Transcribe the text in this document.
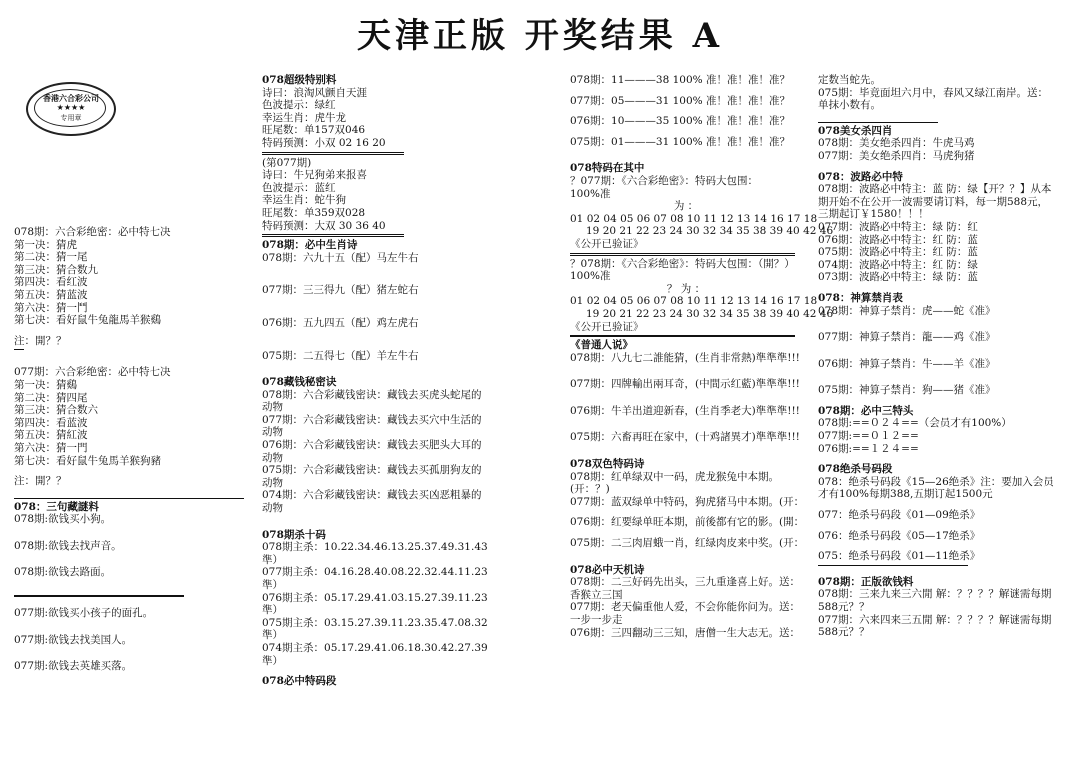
天津正版 开奖结果 A
香港六合彩公司
★★★★
专用章
078期：六合彩绝密：必中特七决
第一决：猜虎
第二决：猜一尾
第三决：猜合数九
第四决：看红波
第五决：猜蓝波
第六决：猜一鬥
第七决：看好鼠牛兔龍馬羊猴鷄
注：開？？
077期：六合彩绝密：必中特七决
第一决：猜鷄
第二决：猜四尾
第三决：猜合数六
第四决：看蓝波
第五决：猜紅波
第六决：猜一門
第七决：看好鼠牛兔馬羊猴狗豬
注：開？？
078：三句藏謎料
078期:欲钱买小狗。
078期:欲钱去找声音。
078期:欲钱去路面。
077期:欲钱买小孩子的面孔。
077期:欲钱去找美国人。
077期:欲钱去英雄买落。
078超级特别料
诗曰：浪淘风颤自天涯
色波提示：绿红
幸运生肖：虎牛龙
旺尾数：单157双046
特码预测：小双 02 16 20
(第077期)
诗曰：牛兄狗弟来报喜
色波提示：蓝红
幸运生肖：蛇牛狗
旺尾数：单359双028
特码预测：大双 30 36 40
078期：必中生肖诗
078期：六九十五（配）马左牛右
077期：三三得九（配）猪左蛇右
076期：五九四五（配）鸡左虎右
075期：二五得七（配）羊左牛右
078藏钱秘密诀
078期：六合彩藏钱密诀：藏钱去买虎头蛇尾的动物
077期：六合彩藏钱密诀：藏钱去买穴中生活的动物
076期：六合彩藏钱密诀：藏钱去买肥头大耳的动物
075期：六合彩藏钱密诀：藏钱去买孤朋狗友的动物
074期：六合彩藏钱密诀：藏钱去买凶恶粗暴的动物
078期杀十码
078期主杀：10.22.34.46.13.25.37.49.31.43
準）
077期主杀：04.16.28.40.08.22.32.44.11.23
準）
076期主杀：05.17.29.41.03.15.27.39.11.23
準）
075期主杀：03.15.27.39.11.23.35.47.08.32
準）
074期主杀：05.17.29.41.06.18.30.42.27.39
準）
078必中特码段
078期：11———38 100% 准！准！准！准？
077期：05———31 100% 准！准！准！准？
076期：10———35 100% 准！准！准！准？
075期：01———31 100% 准！准！准！准？
078特码在其中
？077期：《六合彩绝密》：特码大包围：
100%准
为 ：
01 02 04 05 06 07 08 10 11 12 13 14 16 17 18
19 20 21 22 23 24 30 32 34 35 38 39 40 42 46
《公开已验证》
？078期：《六合彩绝密》：特码大包围：（開？）
100%准
？ 为 ：
01 02 04 05 06 07 08 10 11 12 13 14 16 17 18
19 20 21 22 23 24 30 32 34 35 38 39 40 42 46
《公开已验证》
《普通人说》
078期：八九七二誰能猜，(生肖非常熱)準準準!!!
077期：四牌輸出兩耳奇，(中間示红藍)準準準!!!
076期：牛羊出道迎新春，(生肖季老大)準準準!!!
075期：六畜再旺在家中，(十鸡諸異才)準準準!!!
078双色特码诗
078期：红单绿双中一码，虎龙猴兔中本期。(开：？)
077期：蓝双绿单中特码，狗虎猪马中本期。(开：
076期：红要绿单旺本期，前後都有它的影。(開：
075期：二三肉眉蛾一肖，红绿肉皮来中奖。(开：
078必中天机诗
078期：二三好码先出头，三九重逢喜上好。送：香猴立三国
077期：老天偏重他人爱，不会你能你问为。送：一步一步走
076期：三四翻动三三知，唐僧一生大志无。送：
定数当蛇先。
075期：毕竟面坦六月中，春风又绿江南岸。送：单抹小数有。
078美女杀四肖
078期：美女绝杀四肖：牛虎马鸡
077期：美女绝杀四肖：马虎狗猪
078：波路必中特
078期：波路必中特主：蓝 防：绿【开？？】从本期开始不在公开一波需要请订料，每一期588元，三期起订￥1580！！！
077期：波路必中特主：绿 防：红
076期：波路必中特主：红 防：蓝
075期：波路必中特主：红 防：蓝
074期：波路必中特主：红 防：绿
073期：波路必中特主：绿 防：蓝
078：神算禁肖表
078期：神算子禁肖：虎——蛇《准》
077期：神算子禁肖：龍——鸡《准》
076期：神算子禁肖：牛——羊《准》
075期：神算子禁肖：狗——猪《准》
078期：必中三特头
078期:==０２４==（会员才有100%）
077期:==０１２==
076期:==１２４==
078绝杀号码段
078：绝杀号码段《15—26绝杀》注：要加入会员才有100%每期388,五期订起1500元
077：绝杀号码段《01—09绝杀》
076：绝杀号码段《05—17绝杀》
075：绝杀号码段《01—11绝杀》
078期：正版欲钱料
078期：三来九来三六閒 解：？？？？解谜需每期588元？？
077期：六来四来三五閒 解：？？？？解谜需每期588元？？
